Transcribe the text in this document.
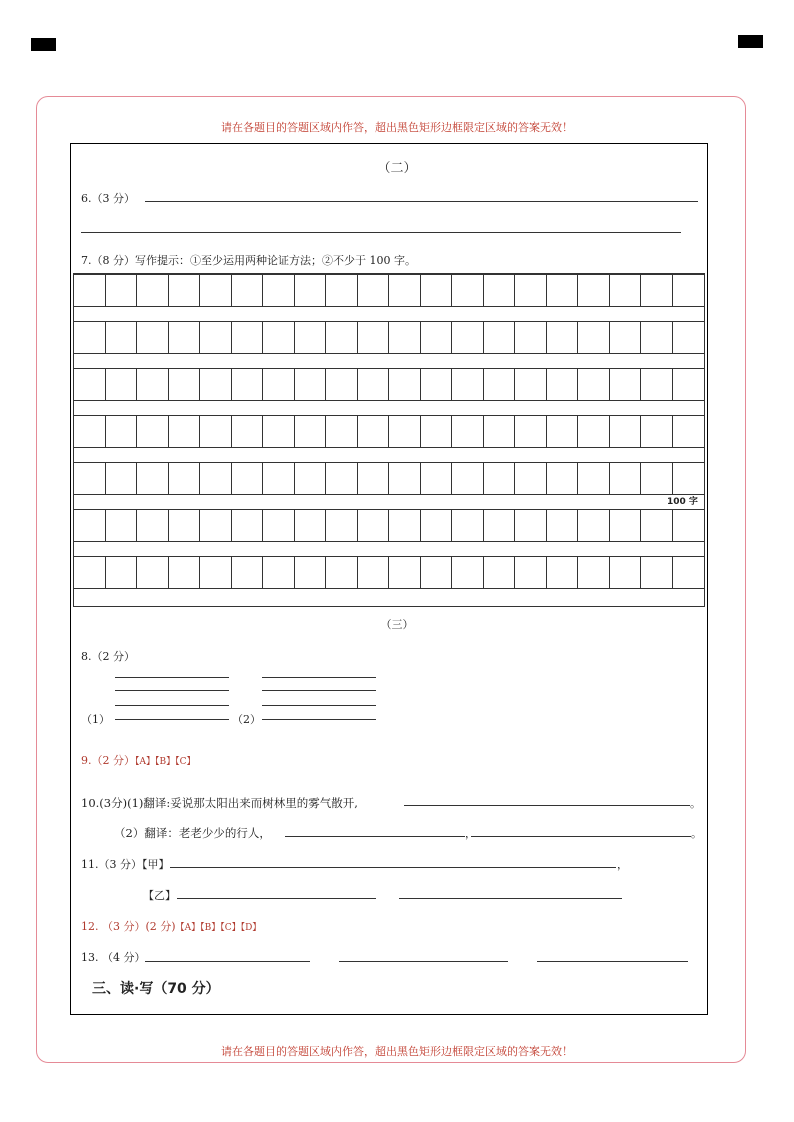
请在各题目的答题区域内作答，超出黑色矩形边框限定区域的答案无效！
请在各题目的答题区域内作答，超出黑色矩形边框限定区域的答案无效！
（二）
6.（3 分）
7.（8 分）写作提示：①至少运用两种论证方法；②不少于 100 字。
100 字
（三）
8.（2 分）
（1）	（2）
9.（2 分）【A】【B】【C】
10.(3分)(1)翻译:妥说那太阳出来而树林里的雾气散开,	。
（2）翻译：老老少少的行人，	，	。
11.（3 分）【甲】	，
【乙】
12. （3 分）(2 分)【A】【B】【C】【D】
13. （4 分）
三、读·写（70 分）
